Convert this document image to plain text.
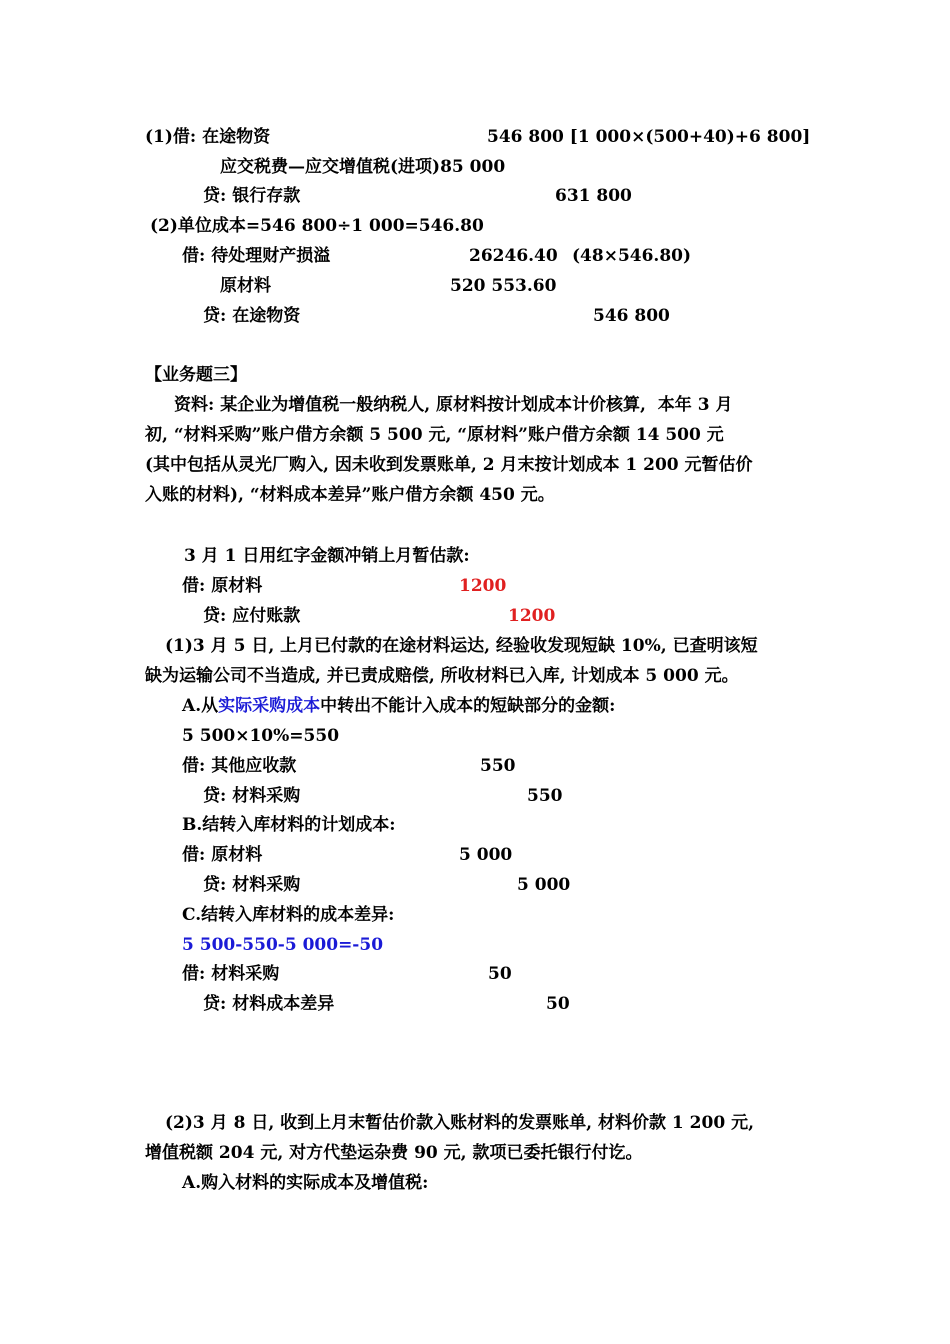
(1)借: 在途物资	546 800 [1 000×(500+40)+6 800]
应交税费—应交增值税(进项)85 000
贷: 银行存款	631 800
(2)单位成本=546 800÷1 000=546.80
借: 待处理财产损溢	26246.40 (48×546.80)
原材料	520 553.60
贷: 在途物资	546 800
【业务题三】
资料: 某企业为增值税一般纳税人, 原材料按计划成本计价核算,  本年 3 月
初, “材料采购”账户借方余额 5 500 元, “原材料”账户借方余额 14 500 元
(其中包括从灵光厂购入, 因未收到发票账单, 2 月末按计划成本 1 200 元暂估价
入账的材料), “材料成本差异”账户借方余额 450 元。
3 月 1 日用红字金额冲销上月暂估款:
借: 原材料	1200
贷: 应付账款	1200
(1)3 月 5 日, 上月已付款的在途材料运达, 经验收发现短缺 10%, 已查明该短
缺为运输公司不当造成, 并已责成赔偿, 所收材料已入库, 计划成本 5 000 元。
A.从实际采购成本中转出不能计入成本的短缺部分的金额:
5 500×10%=550
借: 其他应收款	550
贷: 材料采购	550
B.结转入库材料的计划成本:
借: 原材料	5 000
贷: 材料采购	5 000
C.结转入库材料的成本差异:
5 500-550-5 000=-50
借: 材料采购	50
贷: 材料成本差异	50
(2)3 月 8 日, 收到上月末暂估价款入账材料的发票账单, 材料价款 1 200 元,
增值税额 204 元, 对方代垫运杂费 90 元, 款项已委托银行付讫。
A.购入材料的实际成本及增值税:
